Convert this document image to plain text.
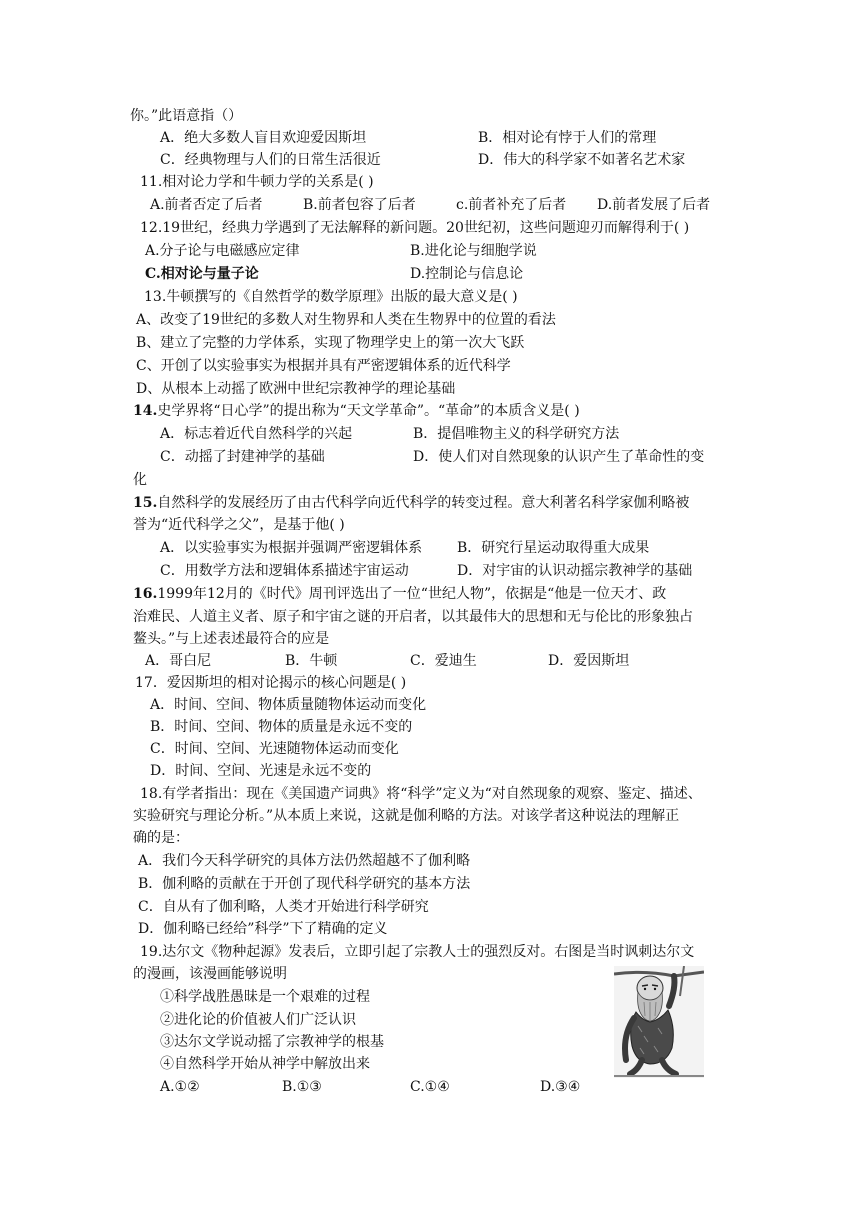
你。”此语意指（）
A．绝大多数人盲目欢迎爱因斯坦	B．相对论有悖于人们的常理
C．经典物理与人们的日常生活很近	D．伟大的科学家不如著名艺术家
11.相对论力学和牛顿力学的关系是( )
A.前者否定了后者	B.前者包容了后者	c.前者补充了后者 D.前者发展了后者
12.19世纪，经典力学遇到了无法解释的新问题。20世纪初，这些问题迎刃而解得利于( )
A.分子论与电磁感应定律	B.进化论与细胞学说
C.相对论与量子论	D.控制论与信息论
13.牛顿撰写的《自然哲学的数学原理》出版的最大意义是( )
A、改变了19世纪的多数人对生物界和人类在生物界中的位置的看法
B、建立了完整的力学体系，实现了物理学史上的第一次大飞跃
C、开创了以实验事实为根据并具有严密逻辑体系的近代科学
D、从根本上动摇了欧洲中世纪宗教神学的理论基础
14.史学界将“日心学”的提出称为“天文学革命”。“革命”的本质含义是( )
A．标志着近代自然科学的兴起	B．提倡唯物主义的科学研究方法
C．动摇了封建神学的基础	D．使人们对自然现象的认识产生了革命性的变
化
15.自然科学的发展经历了由古代科学向近代科学的转变过程。意大利著名科学家伽利略被
誉为“近代科学之父”，是基于他( )
A．以实验事实为根据并强调严密逻辑体系 B．研究行星运动取得重大成果
C．用数学方法和逻辑体系描述宇宙运动	D．对宇宙的认识动摇宗教神学的基础
16.1999年12月的《时代》周刊评选出了一位“世纪人物”，依据是“他是一位天才、政
治难民、人道主义者、原子和宇宙之谜的开启者，以其最伟大的思想和无与伦比的形象独占
鳌头。”与上述表述最符合的应是
A．哥白尼	B．牛顿	C．爱迪生	D．爱因斯坦
17．爱因斯坦的相对论揭示的核心问题是( )
A．时间、空间、物体质量随物体运动而变化
B．时间、空间、物体的质量是永远不变的
C．时间、空间、光速随物体运动而变化
D．时间、空间、光速是永远不变的
18.有学者指出：现在《美国遗产词典》将“科学”定义为“对自然现象的观察、鉴定、描述、
实验研究与理论分析。”从本质上来说，这就是伽利略的方法。对该学者这种说法的理解正
确的是：
A．我们今天科学研究的具体方法仍然超越不了伽利略
B．伽利略的贡献在于开创了现代科学研究的基本方法
C．自从有了伽利略，人类才开始进行科学研究
D．伽利略已经给”科学”下了精确的定义
19.达尔文《物种起源》发表后，立即引起了宗教人士的强烈反对。右图是当时讽刺达尔文
的漫画，该漫画能够说明
①科学战胜愚昧是一个艰难的过程
②进化论的价值被人们广泛认识
③达尔文学说动摇了宗教神学的根基
④自然科学开始从神学中解放出来
A.①②	B.①③	C.①④	D.③④
